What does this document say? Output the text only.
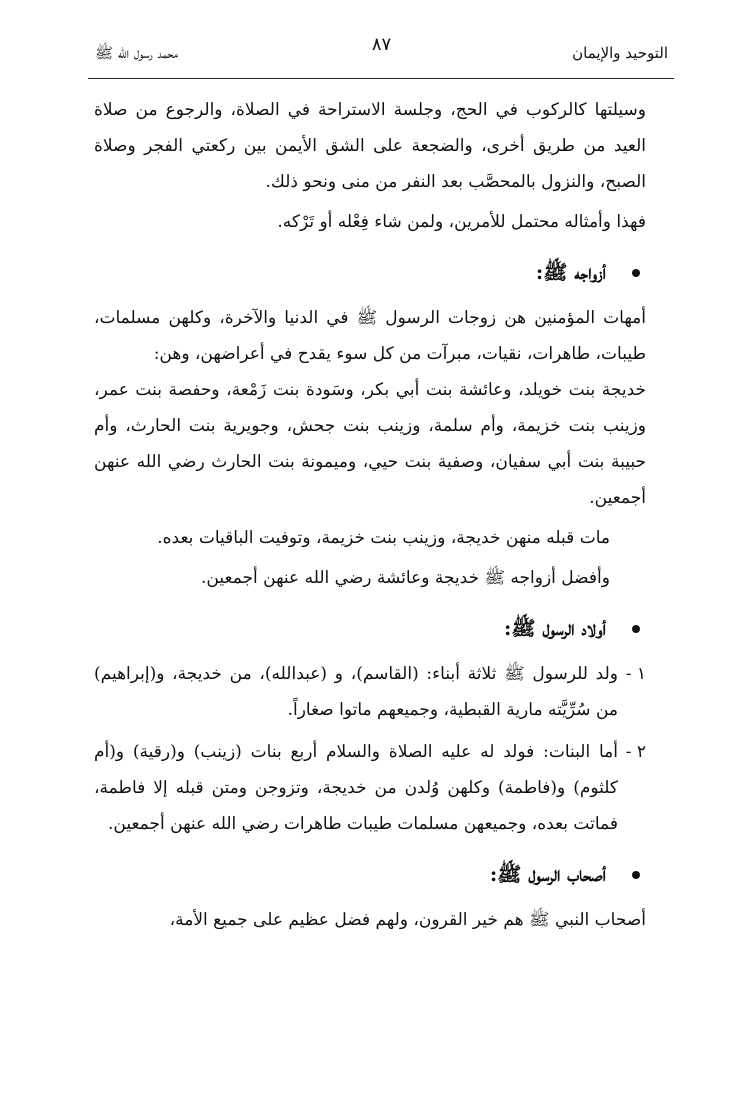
محمد رسول الله ﷺ	٨٧	التوحيد والإيمان

وسيلتها كالركوب في الحج، وجلسة الاستراحة في الصلاة، والرجوع من صلاة العيد من طريق أخرى، والضجعة على الشق الأيمن بين ركعتي الفجر وصلاة الصبح، والنزول بالمحصَّب بعد النفر من منى ونحو ذلك.

فهذا وأمثاله محتمل للأمرين، ولمن شاء فِعْله أو تَرْكه.

أزواجه ﷺ:

أمهات المؤمنين هن زوجات الرسول ﷺ في الدنيا والآخرة، وكلهن مسلمات، طيبات، طاهرات، نقيات، مبرآت من كل سوء يقدح في أعراضهن، وهن:

خديجة بنت خويلد، وعائشة بنت أبي بكر، وسَودة بنت زَمْعة، وحفصة بنت عمر، وزينب بنت خزيمة، وأم سلمة، وزينب بنت جحش، وجويرية بنت الحارث، وأم حبيبة بنت أبي سفيان، وصفية بنت حيي، وميمونة بنت الحارث رضي الله عنهن أجمعين.

مات قبله منهن خديجة، وزينب بنت خزيمة، وتوفيت الباقيات بعده.

وأفضل أزواجه ﷺ خديجة وعائشة رضي الله عنهن أجمعين.

أولاد الرسول ﷺ:
١ -

ولد للرسول ﷺ ثلاثة أبناء: (القاسم)، و (عبدالله)، من خديجة، و(إبراهيم) من سُرِّيَّته مارية القبطية، وجميعهم ماتوا صغاراً.

٢ -

أما البنات: فولد له عليه الصلاة والسلام أربع بنات (زينب) و(رقية) و(أم كلثوم) و(فاطمة) وكلهن وُلدن من خديجة، وتزوجن ومتن قبله إلا فاطمة، فماتت بعده، وجميعهن مسلمات طيبات طاهرات رضي الله عنهن أجمعين.

أصحاب الرسول ﷺ:

أصحاب النبي ﷺ هم خير القرون، ولهم فضل عظيم على جميع الأمة،
